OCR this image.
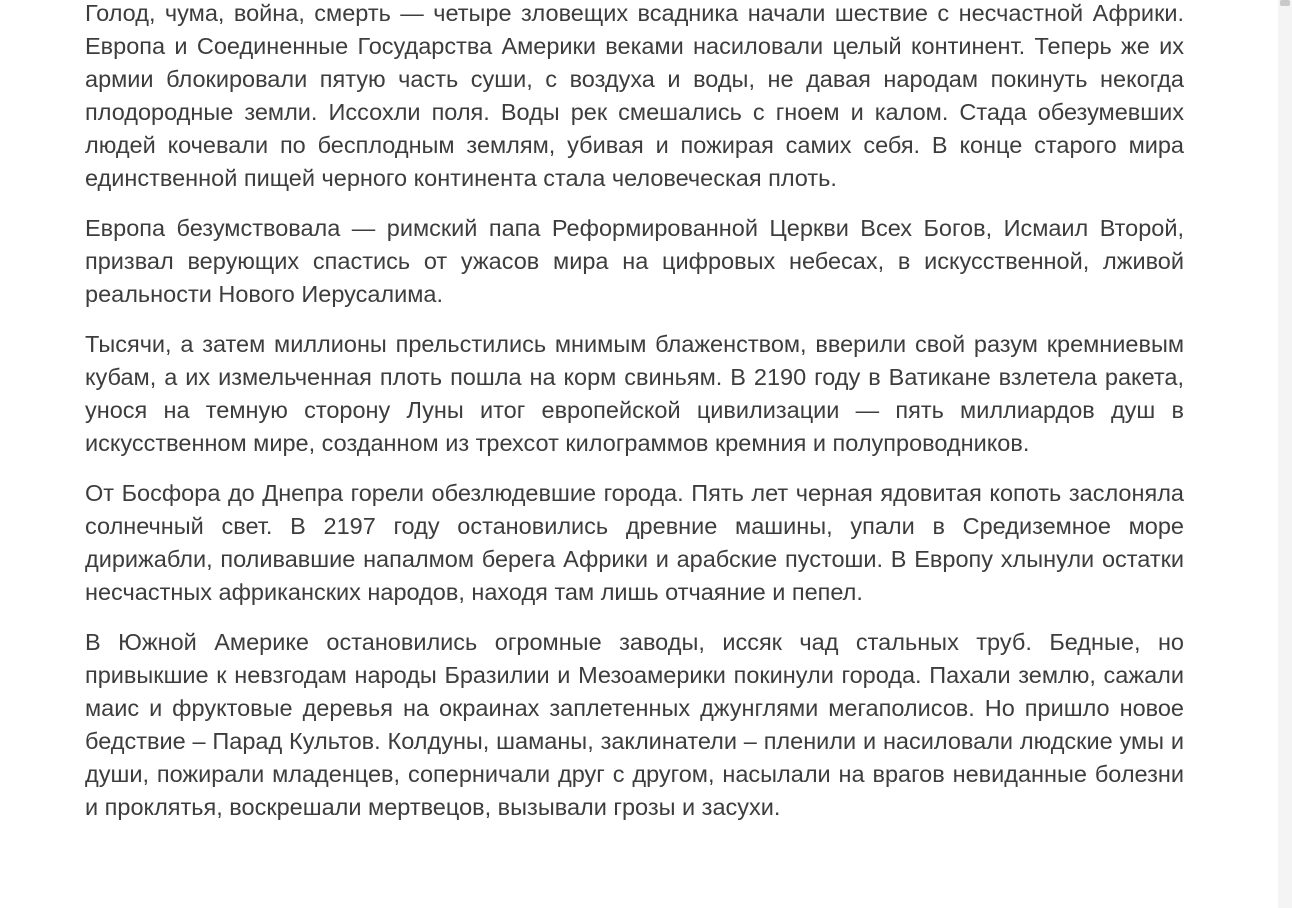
Голод, чума, война, смерть — четыре зловещих всадника начали шествие с несчастной Африки. Европа и Соединенные Государства Америки веками насиловали целый континент. Теперь же их армии блокировали пятую часть суши, с воздуха и воды, не давая народам покинуть некогда плодородные земли. Иссохли поля. Воды рек смешались с гноем и калом. Стада обезумевших людей кочевали по бесплодным землям, убивая и пожирая самих себя. В конце старого мира единственной пищей черного континента стала человеческая плоть.

Европа безумствовала — римский папа Реформированной Церкви Всех Богов, Исмаил Второй, призвал верующих спастись от ужасов мира на цифровых небесах, в искусственной, лживой реальности Нового Иерусалима.

Тысячи, а затем миллионы прельстились мнимым блаженством, вверили свой разум кремниевым кубам, а их измельченная плоть пошла на корм свиньям. В 2190 году в Ватикане взлетела ракета, унося на темную сторону Луны итог европейской цивилизации — пять миллиардов душ в искусственном мире, созданном из трехсот килограммов кремния и полупроводников.

От Босфора до Днепра горели обезлюдевшие города. Пять лет черная ядовитая копоть заслоняла солнечный свет. В 2197 году остановились древние машины, упали в Средиземное море дирижабли, поливавшие напалмом берега Африки и арабские пустоши. В Европу хлынули остатки несчастных африканских народов, находя там лишь отчаяние и пепел.

В Южной Америке остановились огромные заводы, иссяк чад стальных труб. Бедные, но привыкшие к невзгодам народы Бразилии и Мезоамерики покинули города. Пахали землю, сажали маис и фруктовые деревья на окраинах заплетенных джунглями мегаполисов. Но пришло новое бедствие – Парад Культов. Колдуны, шаманы, заклинатели – пленили и насиловали людские умы и души, пожирали младенцев, соперничали друг с другом, насылали на врагов невиданные болезни и проклятья, воскрешали мертвецов, вызывали грозы и засухи.
